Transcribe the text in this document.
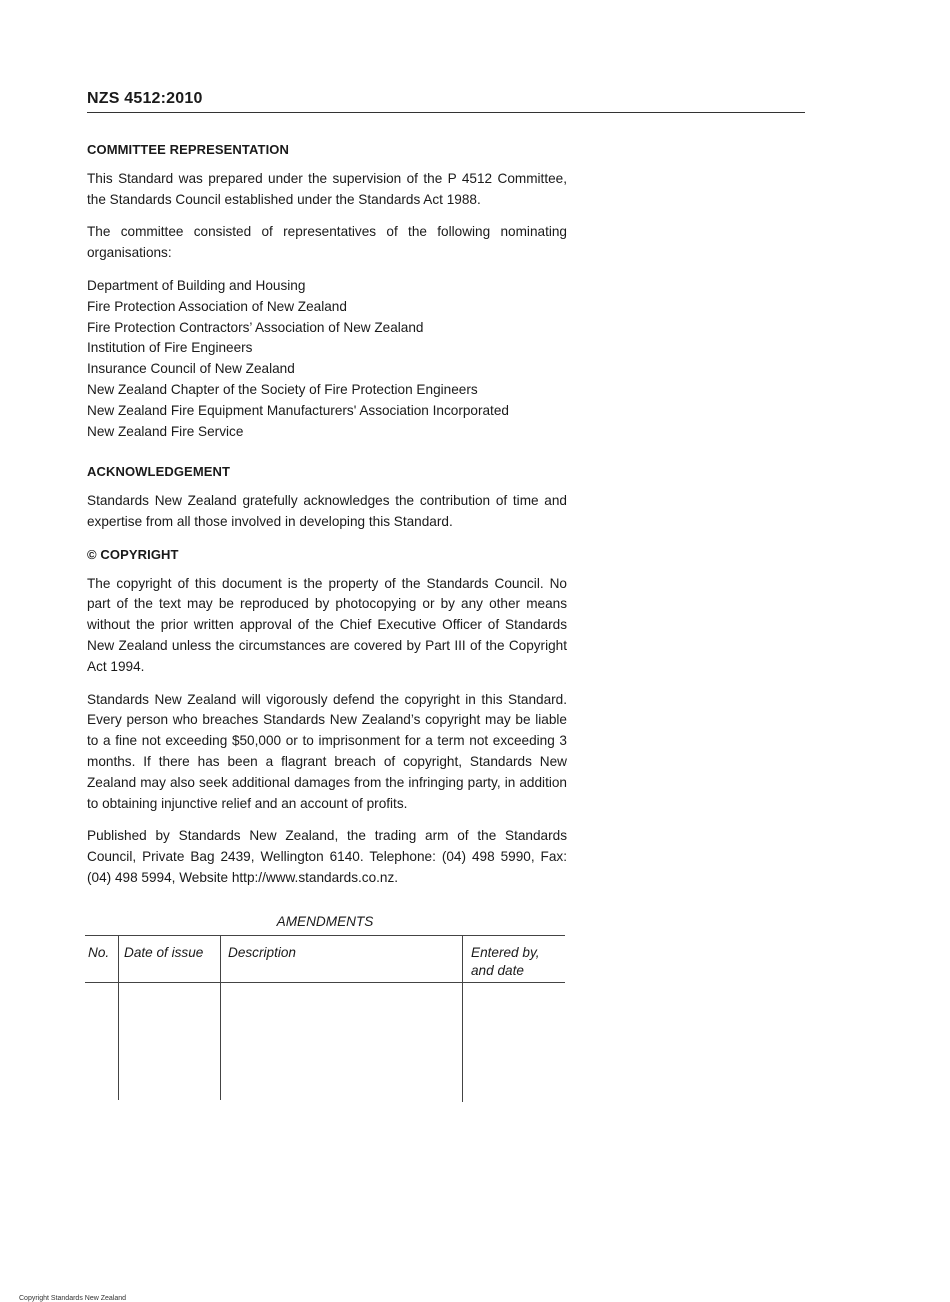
NZS 4512:2010
COMMITTEE REPRESENTATION

This Standard was prepared under the supervision of the P 4512 Committee, the Standards Council established under the Standards Act 1988.

The committee consisted of representatives of the following nominating organisations:

Department of Building and Housing
Fire Protection Association of New Zealand
Fire Protection Contractors’ Association of New Zealand
Institution of Fire Engineers
Insurance Council of New Zealand
New Zealand Chapter of the Society of Fire Protection Engineers
New Zealand Fire Equipment Manufacturers' Association Incorporated
New Zealand Fire Service
ACKNOWLEDGEMENT

Standards New Zealand gratefully acknowledges the contribution of time and expertise from all those involved in developing this Standard.

© COPYRIGHT

The copyright of this document is the property of the Standards Council. No part of the text may be reproduced by photocopying or by any other means without the prior written approval of the Chief Executive Officer of Standards New Zealand unless the circumstances are covered by Part III of the Copyright Act 1994.

Standards New Zealand will vigorously defend the copyright in this Standard. Every person who breaches Standards New Zealand’s copyright may be liable to a fine not exceeding $50,000 or to imprisonment for a term not exceeding 3 months. If there has been a flagrant breach of copyright, Standards New Zealand may also seek additional damages from the infringing party, in addition to obtaining injunctive relief and an account of profits.

Published by Standards New Zealand, the trading arm of the Standards Council, Private Bag 2439, Wellington 6140. Telephone: (04) 498 5990, Fax: (04) 498 5994, Website http://www.standards.co.nz.

AMENDMENTS
No.	Date of issue	Description	Entered by, and date
Copyright Standards New Zealand
